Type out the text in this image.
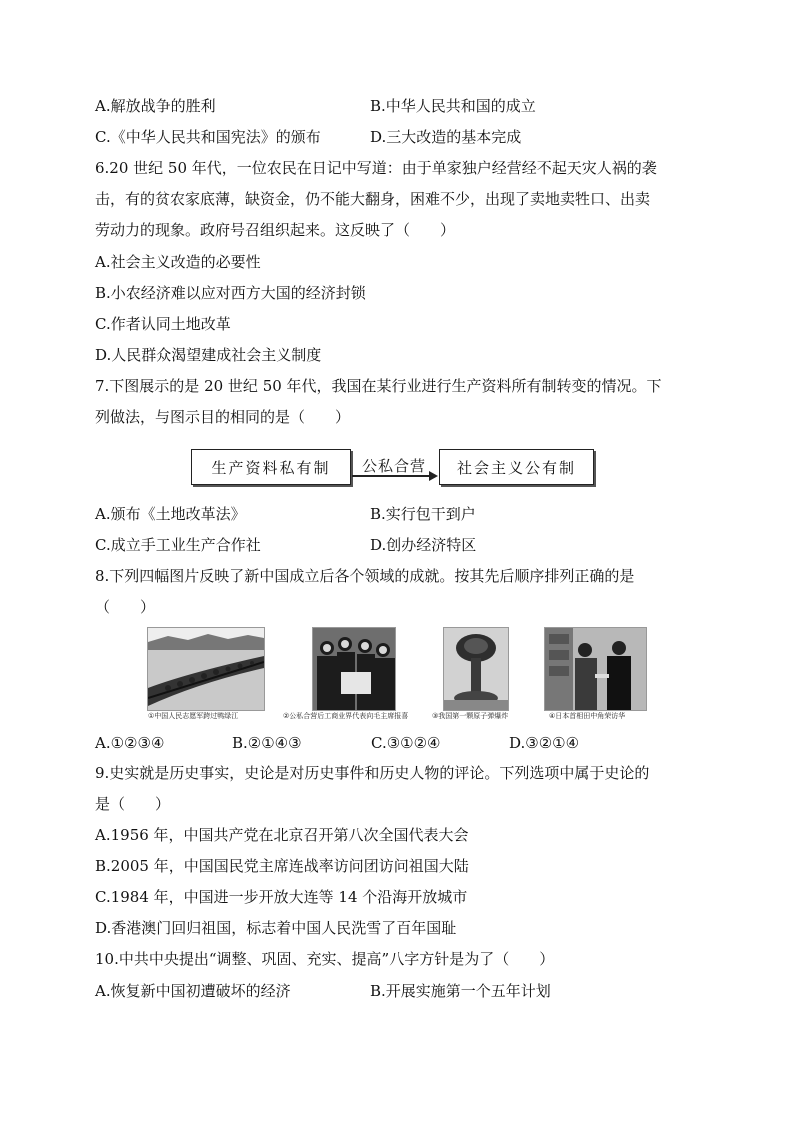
A.解放战争的胜利	B.中华人民共和国的成立
C.《中华人民共和国宪法》的颁布	D.三大改造的基本完成
6.20 世纪 50 年代，一位农民在日记中写道：由于单家独户经营经不起天灾人祸的袭
击，有的贫农家底薄，缺资金，仍不能大翻身，困难不少，出现了卖地卖牲口、出卖
劳动力的现象。政府号召组织起来。这反映了（　　）
A.社会主义改造的必要性
B.小农经济难以应对西方大国的经济封锁
C.作者认同土地改革
D.人民群众渴望建成社会主义制度
7.下图展示的是 20 世纪 50 年代，我国在某行业进行生产资料所有制转变的情况。下
列做法，与图示目的相同的是（　　）
生产资料私有制 公私合营 社会主义公有制
A.颁布《土地改革法》	B.实行包干到户
C.成立手工业生产合作社	D.创办经济特区
8.下列四幅图片反映了新中国成立后各个领域的成就。按其先后顺序排列正确的是
（　　）
①中国人民志愿军跨过鸭绿江	②公私合营后工商业界代表向毛主席报喜	③我国第一颗原子弹爆炸	④日本首相田中角荣访华
A.①②③④	B.②①④③	C.③①②④	D.③②①④
9.史实就是历史事实，史论是对历史事件和历史人物的评论。下列选项中属于史论的
是（　　）
A.1956 年，中国共产党在北京召开第八次全国代表大会
B.2005 年，中国国民党主席连战率访问团访问祖国大陆
C.1984 年，中国进一步开放大连等 14 个沿海开放城市
D.香港澳门回归祖国，标志着中国人民洗雪了百年国耻
10.中共中央提出“调整、巩固、充实、提高”八字方针是为了（　　）
A.恢复新中国初遭破坏的经济	B.开展实施第一个五年计划
